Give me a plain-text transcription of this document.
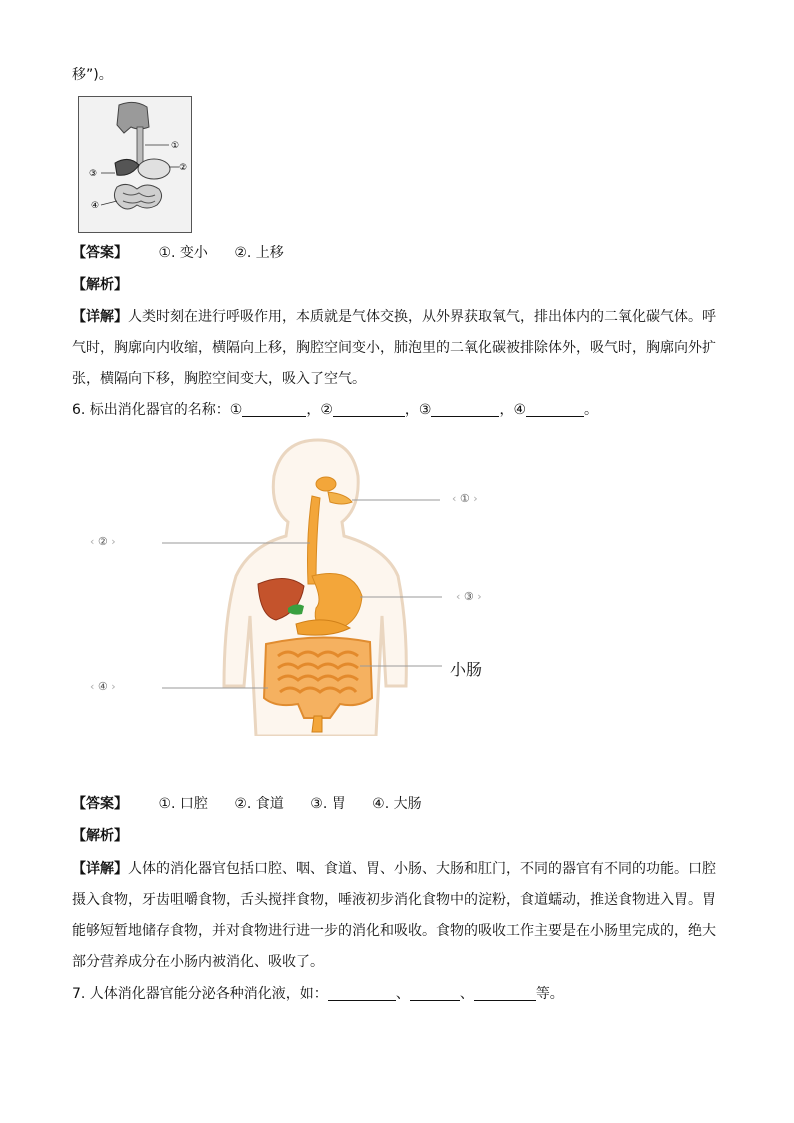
移”)。
①
②
③
④
【答案】 ①. 变小 ②. 上移
【解析】
【详解】人类时刻在进行呼吸作用，本质就是气体交换，从外界获取氧气，排出体内的二氧化碳气体。呼气时，胸廓向内收缩，横隔向上移，胸腔空间变小，肺泡里的二氧化碳被排除体外，吸气时，胸廓向外扩张，横隔向下移，胸腔空间变大，吸入了空气。
6. 标出消化器官的名称：①	，②	，③	，④	。
‹ ① ›
‹ ② ›
‹ ③ ›
‹ ④ ›
小肠
【答案】 ①. 口腔 ②. 食道 ③. 胃 ④. 大肠
【解析】
【详解】人体的消化器官包括口腔、咽、食道、胃、小肠、大肠和肛门，不同的器官有不同的功能。口腔摄入食物，牙齿咀嚼食物，舌头搅拌食物，唾液初步消化食物中的淀粉，食道蠕动，推送食物进入胃。胃能够短暂地储存食物，并对食物进行进一步的消化和吸收。食物的吸收工作主要是在小肠里完成的，绝大部分营养成分在小肠内被消化、吸收了。
7. 人体消化器官能分泌各种消化液，如：	、	、	等。
